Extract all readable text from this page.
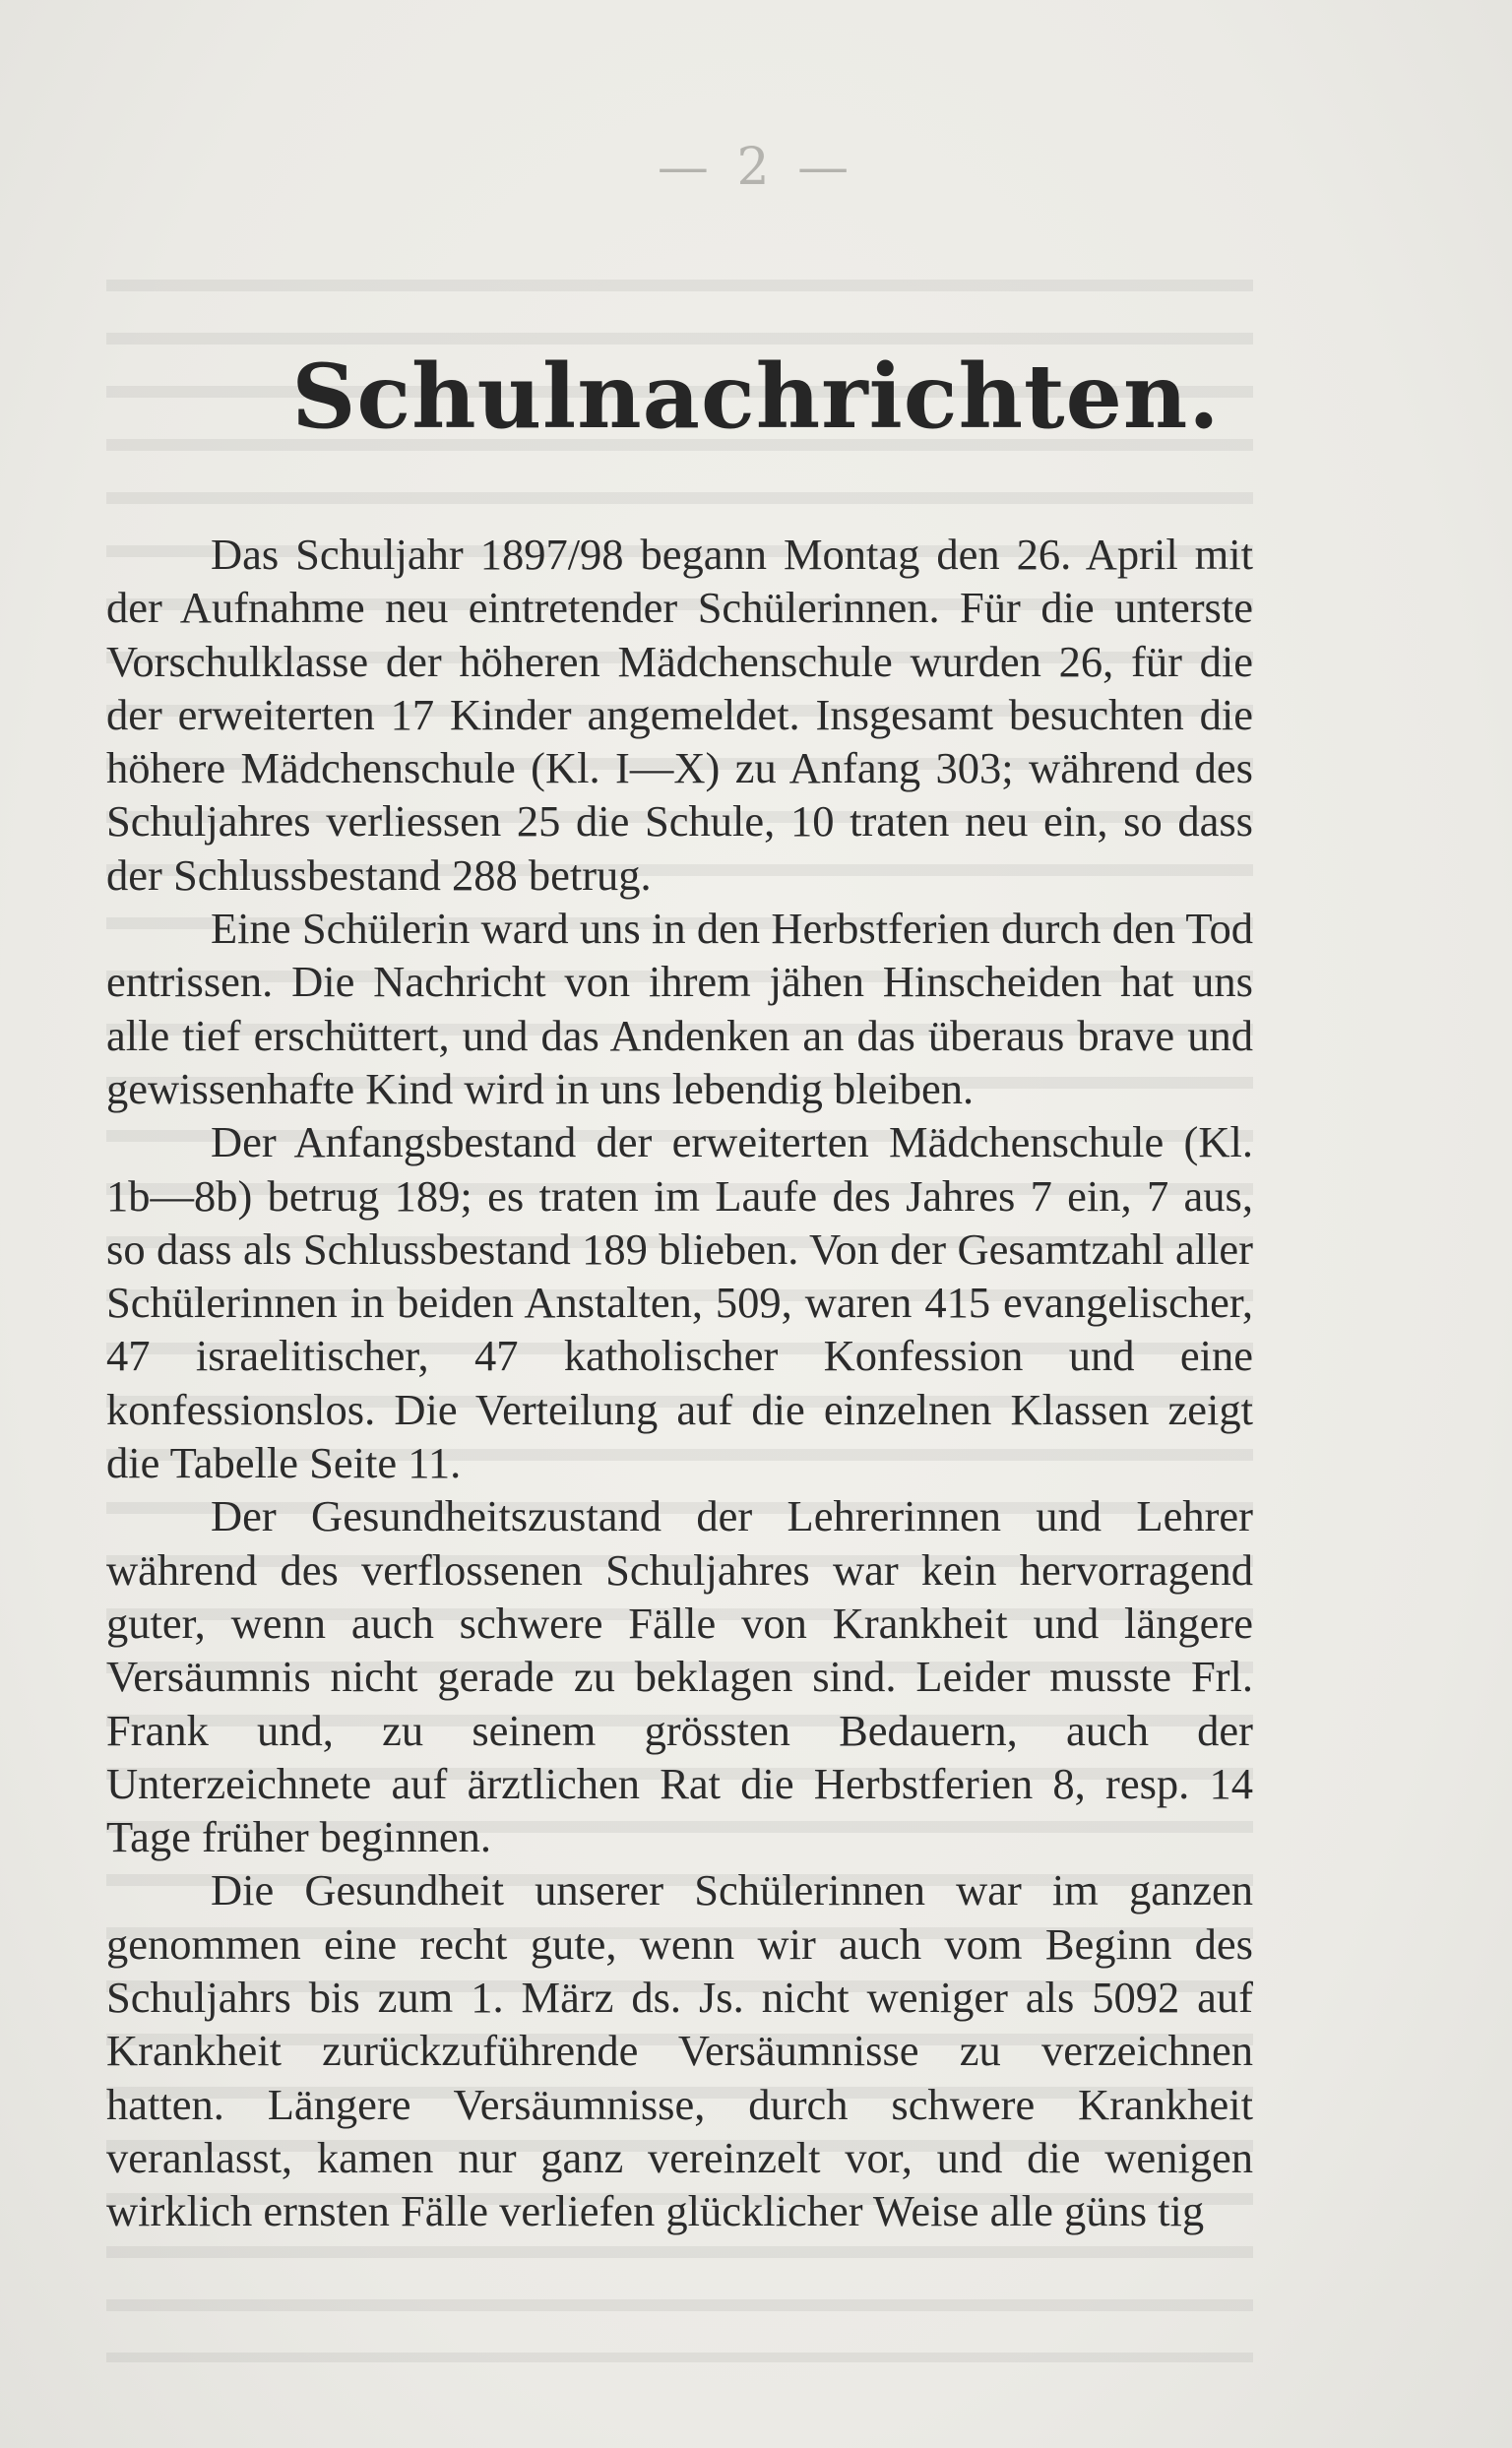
— 2 —
Schulnachrichten.

Das Schuljahr 1897/98 begann Montag den 26. April mit der Aufnahme neu eintretender Schülerinnen. Für die unterste Vorschulklasse der höheren Mädchenschule wurden 26, für die der erweiterten 17 Kinder angemeldet. Insgesamt besuchten die höhere Mädchenschule (Kl. I—X) zu Anfang 303; während des Schuljahres verliessen 25 die Schule, 10 traten neu ein, so dass der Schlussbestand 288 betrug.

Eine Schülerin ward uns in den Herbstferien durch den Tod entrissen. Die Nachricht von ihrem jähen Hinscheiden hat uns alle tief erschüttert, und das Andenken an das überaus brave und gewissenhafte Kind wird in uns lebendig bleiben.

Der Anfangsbestand der erweiterten Mädchenschule (Kl. 1b—8b) betrug 189; es traten im Laufe des Jahres 7 ein, 7 aus, so dass als Schlussbestand 189 blieben. Von der Gesamtzahl aller Schülerinnen in beiden Anstalten, 509, waren 415 evangelischer, 47 israelitischer, 47 katholischer Konfession und eine konfessionslos. Die Verteilung auf die einzelnen Klassen zeigt die Tabelle Seite 11.

Der Gesundheitszustand der Lehrerinnen und Lehrer während des verflossenen Schuljahres war kein hervorragend guter, wenn auch schwere Fälle von Krankheit und längere Versäumnis nicht gerade zu beklagen sind. Leider musste Frl. Frank und, zu seinem grössten Bedauern, auch der Unterzeichnete auf ärztlichen Rat die Herbstferien 8, resp. 14 Tage früher beginnen.

Die Gesundheit unserer Schülerinnen war im ganzen genommen eine recht gute, wenn wir auch vom Beginn des Schuljahrs bis zum 1. März ds. Js. nicht weniger als 5092 auf Krankheit zurückzuführende Versäumnisse zu verzeichnen hatten. Längere Versäumnisse, durch schwere Krankheit veranlasst, kamen nur ganz vereinzelt vor, und die wenigen wirklich ernsten Fälle verliefen glücklicher Weise alle güns tig
